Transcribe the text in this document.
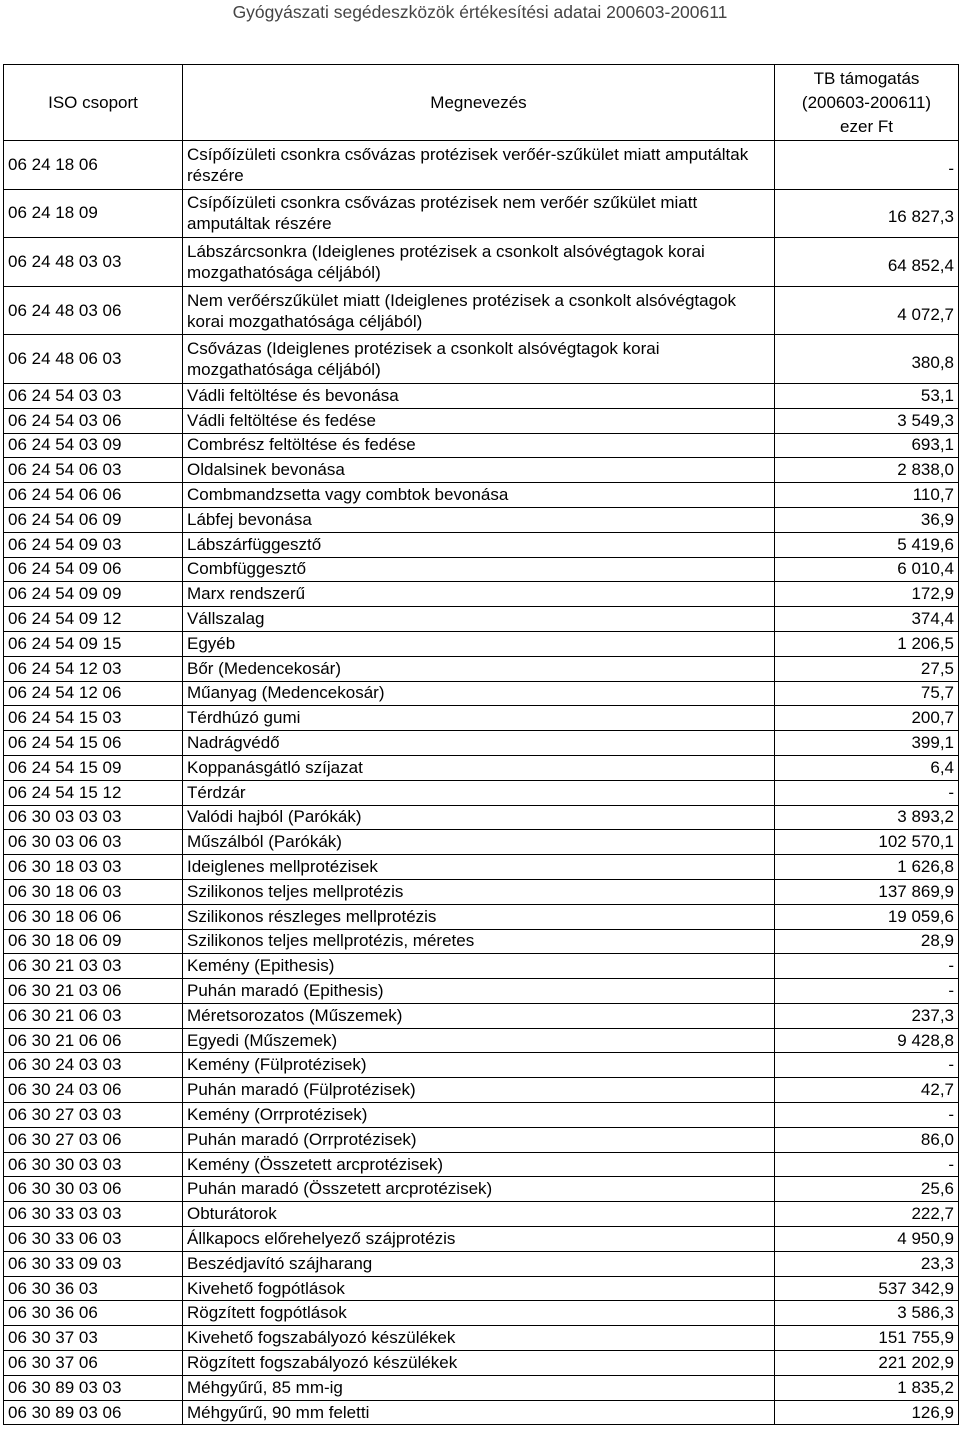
Gyógyászati segédeszközök értékesítési adatai 200603-200611
ISO csoport	Megnevezés	TB támogatás
(200603-200611)
ezer Ft

06 24 18 06	Csípőízületi csonkra csővázas protézisek verőér-szűkület miatt amputáltak részére	-
06 24 18 09	Csípőízületi csonkra csővázas protézisek nem verőér szűkület miatt amputáltak részére	16 827,3
06 24 48 03 03	Lábszárcsonkra (Ideiglenes protézisek a csonkolt alsóvégtagok korai mozgathatósága céljából)	64 852,4
06 24 48 03 06	Nem verőérszűkület miatt (Ideiglenes protézisek a csonkolt alsóvégtagok korai mozgathatósága céljából)	4 072,7
06 24 48 06 03	Csővázas (Ideiglenes protézisek a csonkolt alsóvégtagok korai mozgathatósága céljából)	380,8
06 24 54 03 03	Vádli feltöltése és bevonása	53,1
06 24 54 03 06	Vádli feltöltése és fedése	3 549,3
06 24 54 03 09	Combrész feltöltése és fedése	693,1
06 24 54 06 03	Oldalsinek bevonása	2 838,0
06 24 54 06 06	Combmandzsetta vagy combtok bevonása	110,7
06 24 54 06 09	Lábfej bevonása	36,9
06 24 54 09 03	Lábszárfüggesztő	5 419,6
06 24 54 09 06	Combfüggesztő	6 010,4
06 24 54 09 09	Marx rendszerű	172,9
06 24 54 09 12	Vállszalag	374,4
06 24 54 09 15	Egyéb	1 206,5
06 24 54 12 03	Bőr (Medencekosár)	27,5
06 24 54 12 06	Műanyag (Medencekosár)	75,7
06 24 54 15 03	Térdhúzó gumi	200,7
06 24 54 15 06	Nadrágvédő	399,1
06 24 54 15 09	Koppanásgátló szíjazat	6,4
06 24 54 15 12	Térdzár	-
06 30 03 03 03	Valódi hajból (Parókák)	3 893,2
06 30 03 06 03	Műszálból (Parókák)	102 570,1
06 30 18 03 03	Ideiglenes mellprotézisek	1 626,8
06 30 18 06 03	Szilikonos teljes mellprotézis	137 869,9
06 30 18 06 06	Szilikonos részleges mellprotézis	19 059,6
06 30 18 06 09	Szilikonos teljes mellprotézis, méretes	28,9
06 30 21 03 03	Kemény (Epithesis)	-
06 30 21 03 06	Puhán maradó (Epithesis)	-
06 30 21 06 03	Méretsorozatos (Műszemek)	237,3
06 30 21 06 06	Egyedi (Műszemek)	9 428,8
06 30 24 03 03	Kemény (Fülprotézisek)	-
06 30 24 03 06	Puhán maradó (Fülprotézisek)	42,7
06 30 27 03 03	Kemény (Orrprotézisek)	-
06 30 27 03 06	Puhán maradó (Orrprotézisek)	86,0
06 30 30 03 03	Kemény (Összetett arcprotézisek)	-
06 30 30 03 06	Puhán maradó (Összetett arcprotézisek)	25,6
06 30 33 03 03	Obturátorok	222,7
06 30 33 06 03	Állkapocs előrehelyező szájprotézis	4 950,9
06 30 33 09 03	Beszédjavító szájharang	23,3
06 30 36 03	Kivehető fogpótlások	537 342,9
06 30 36 06	Rögzített fogpótlások	3 586,3
06 30 37 03	Kivehető fogszabályozó készülékek	151 755,9
06 30 37 06	Rögzített fogszabályozó készülékek	221 202,9
06 30 89 03 03	Méhgyűrű, 85 mm-ig	1 835,2
06 30 89 03 06	Méhgyűrű, 90 mm feletti	126,9
